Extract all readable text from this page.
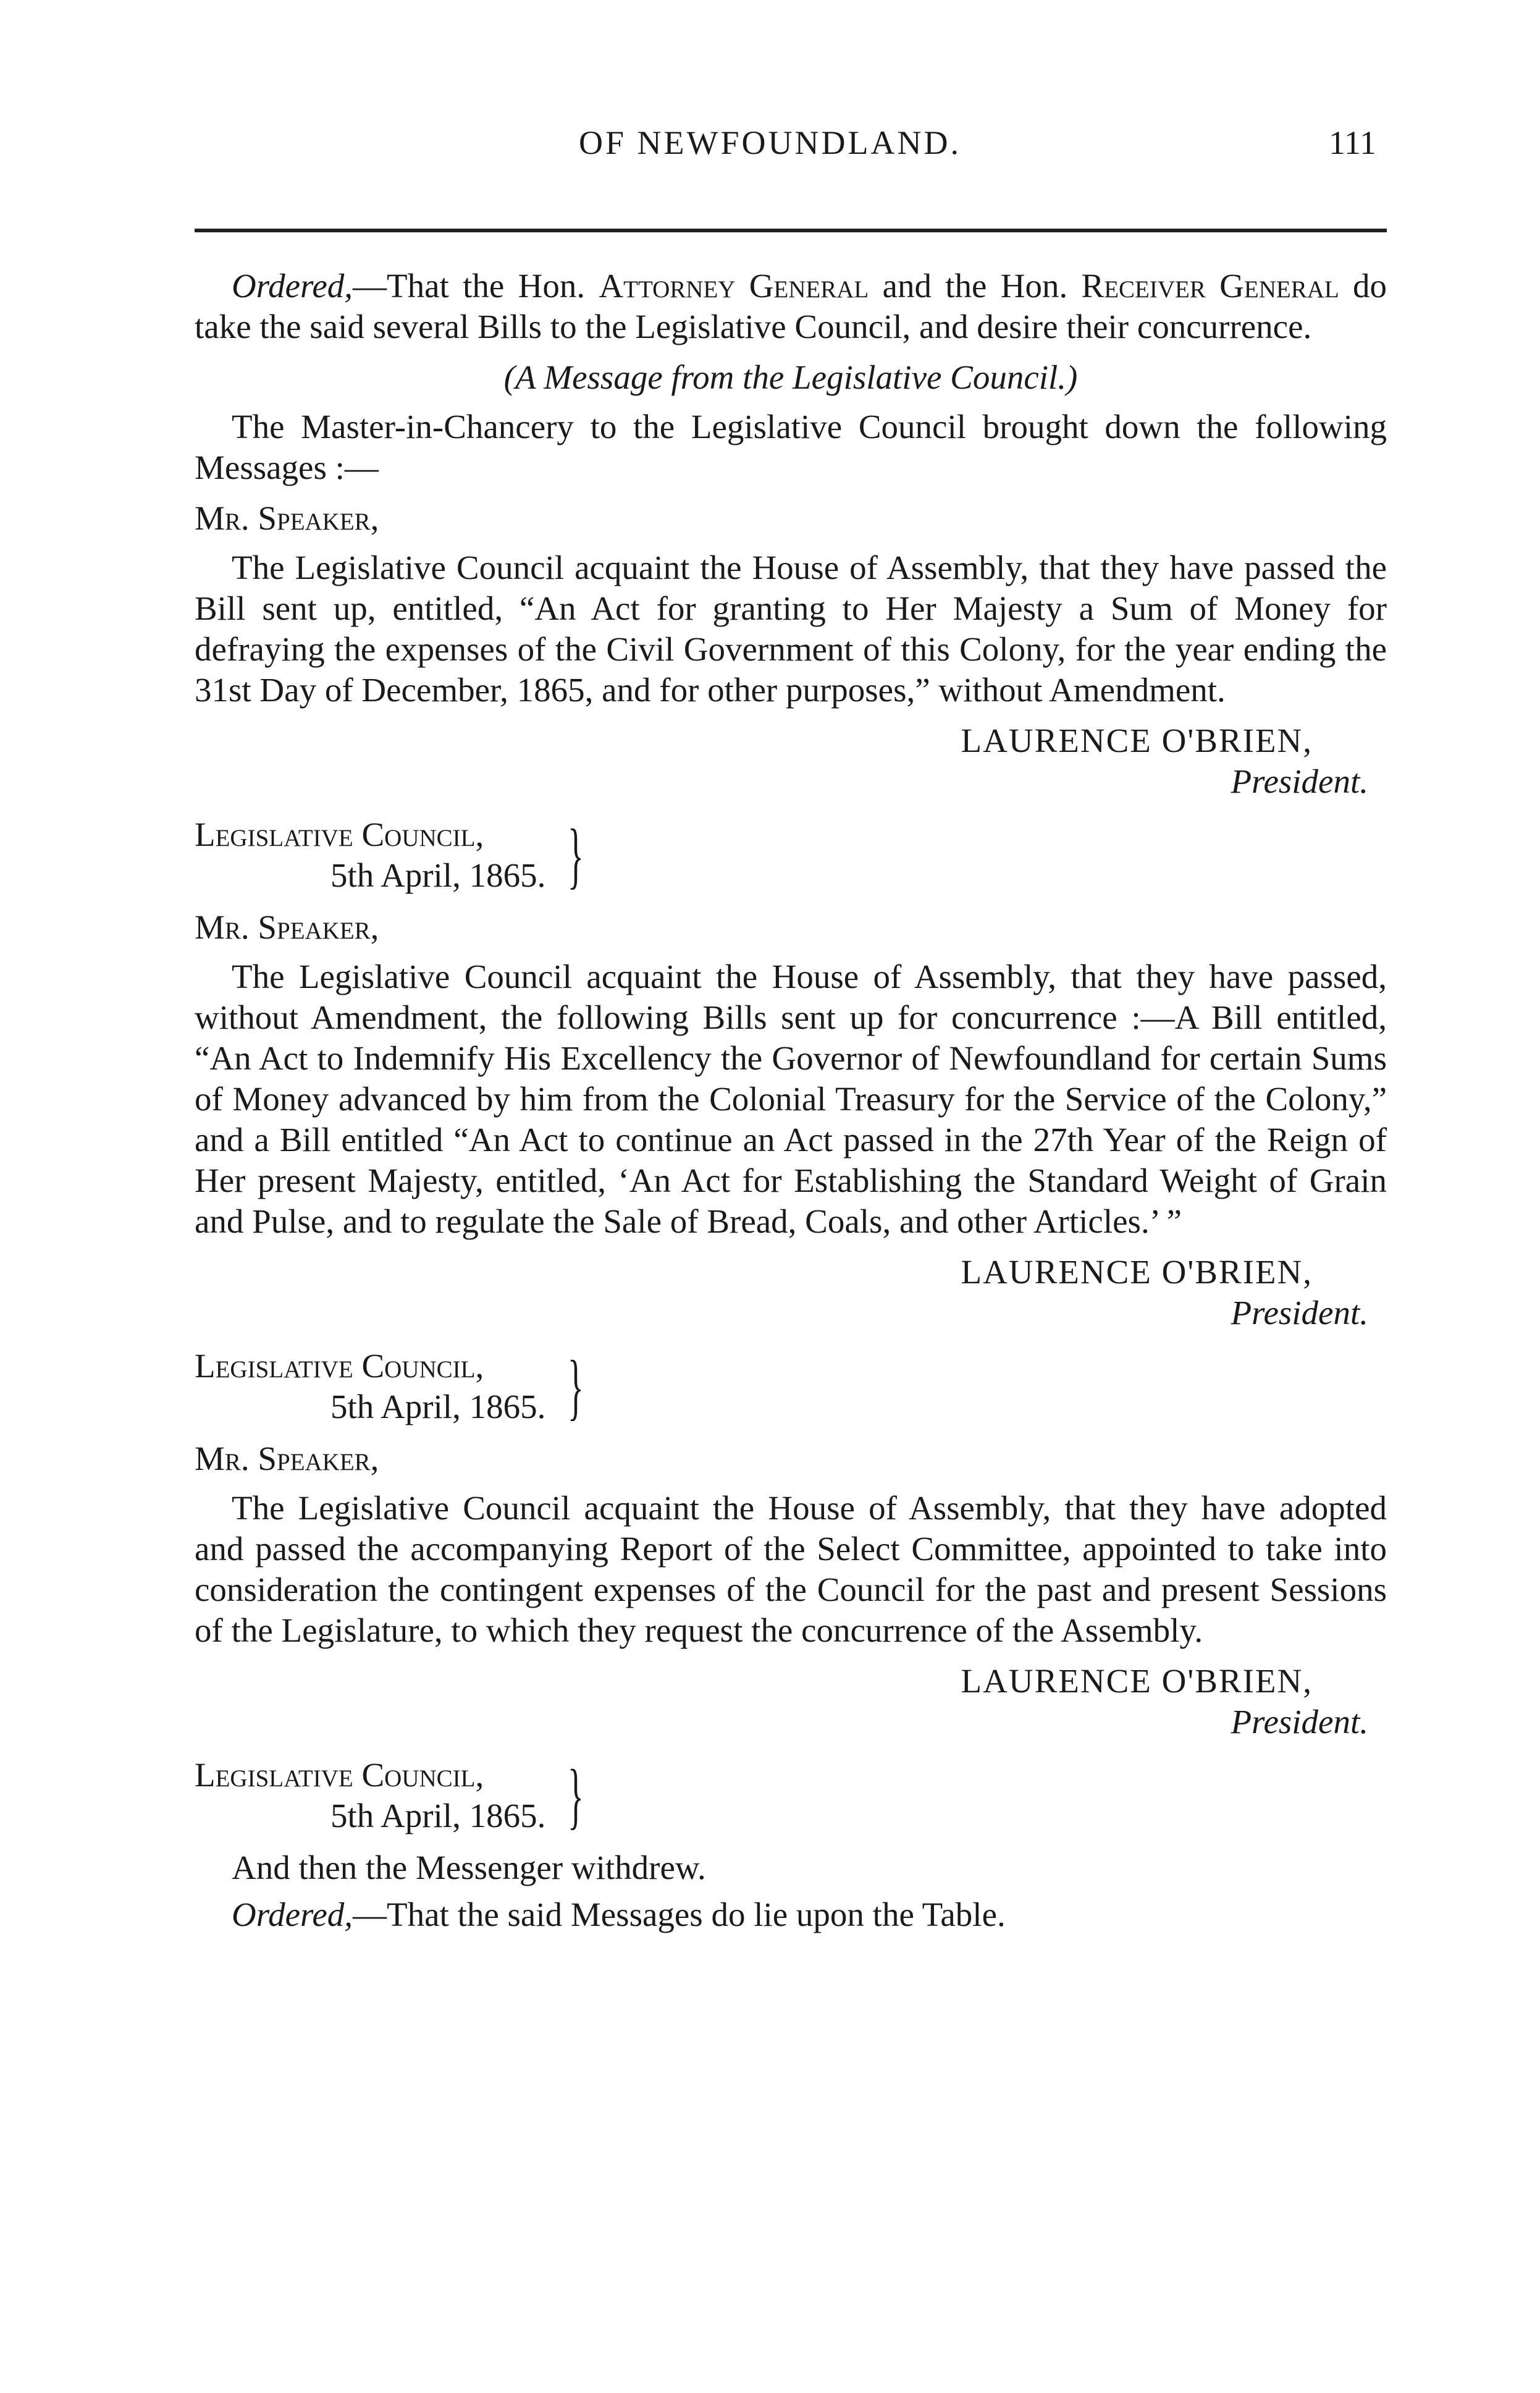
OF NEWFOUNDLAND.	111

Ordered,—That the Hon. Attorney General and the Hon. Receiver General do take the said several Bills to the Legislative Council, and desire their concurrence.

(A Message from the Legislative Council.)

The Master-in-Chancery to the Legislative Council brought down the following Messages :—

Mr. Speaker,

The Legislative Council acquaint the House of Assembly, that they have passed the Bill sent up, entitled, “An Act for granting to Her Majesty a Sum of Money for defraying the expenses of the Civil Government of this Colony, for the year ending the 31st Day of December, 1865, and for other purposes,” without Amendment.

LAURENCE O'BRIEN,
President.
Legislative Council,
5th April, 1865. }
Mr. Speaker,

The Legislative Council acquaint the House of Assembly, that they have passed, without Amendment, the following Bills sent up for concurrence :—A Bill entitled, “An Act to Indemnify His Excellency the Governor of Newfoundland for certain Sums of Money advanced by him from the Colonial Treasury for the Service of the Colony,” and a Bill entitled “An Act to continue an Act passed in the 27th Year of the Reign of Her present Majesty, entitled, ‘An Act for Establishing the Standard Weight of Grain and Pulse, and to regulate the Sale of Bread, Coals, and other Articles.’ ”

LAURENCE O'BRIEN,
President.
Legislative Council,
5th April, 1865. }
Mr. Speaker,

The Legislative Council acquaint the House of Assembly, that they have adopted and passed the accompanying Report of the Select Committee, appointed to take into consideration the contingent expenses of the Council for the past and present Sessions of the Legislature, to which they request the concurrence of the Assembly.

LAURENCE O'BRIEN,
President.
Legislative Council,
5th April, 1865. }

And then the Messenger withdrew.

Ordered,—That the said Messages do lie upon the Table.
